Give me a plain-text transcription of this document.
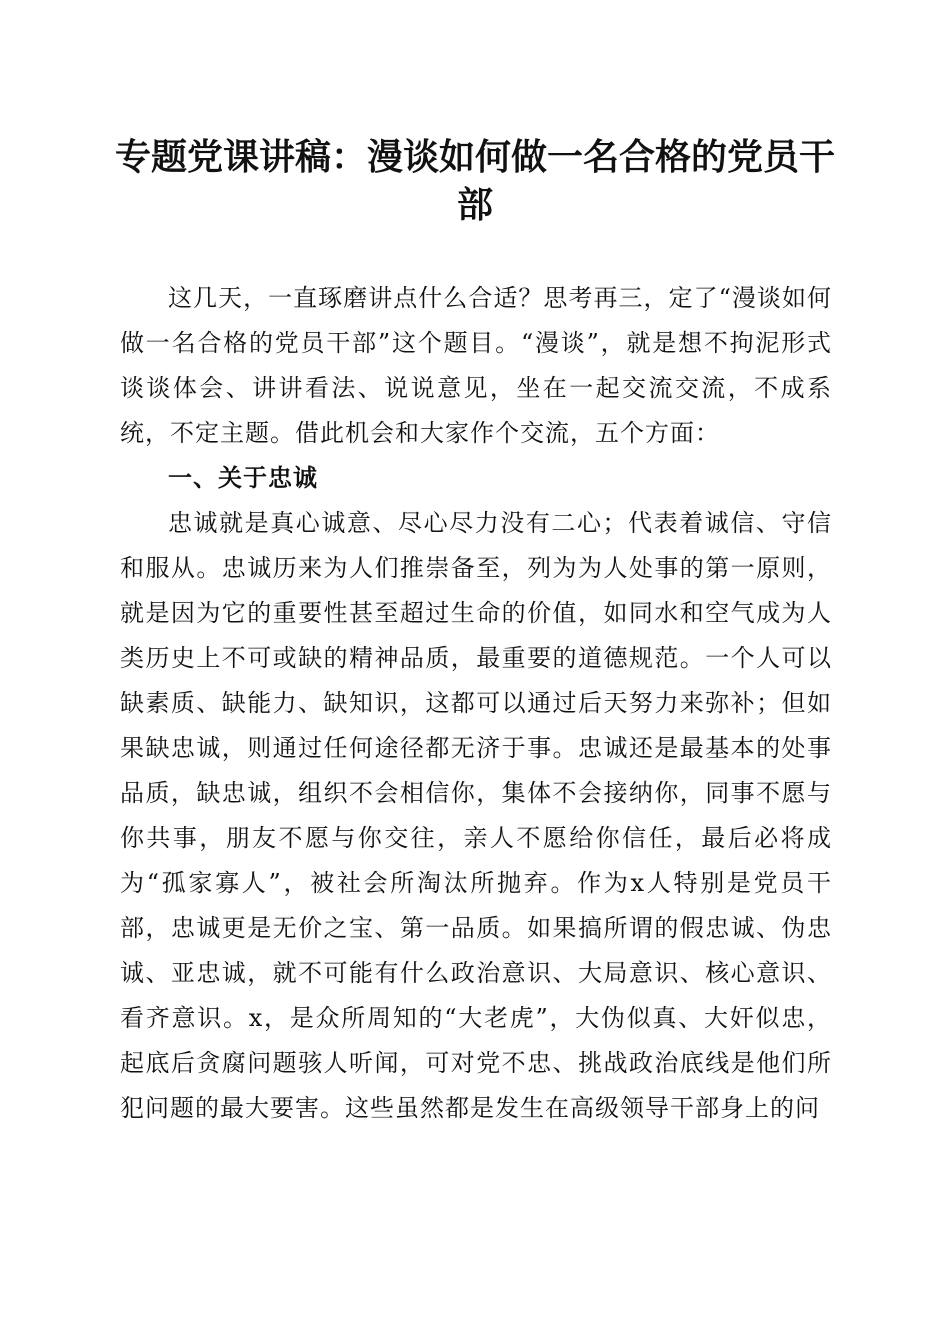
专题党课讲稿：漫谈如何做一名合格的党员干部

这几天，一直琢磨讲点什么合适？思考再三，定了“漫谈如何做一名合格的党员干部”这个题目。“漫谈”，就是想不拘泥形式谈谈体会、讲讲看法、说说意见，坐在一起交流交流，不成系统，不定主题。借此机会和大家作个交流，五个方面：

一、关于忠诚

忠诚就是真心诚意、尽心尽力没有二心；代表着诚信、守信和服从。忠诚历来为人们推崇备至，列为为人处事的第一原则，就是因为它的重要性甚至超过生命的价值，如同水和空气成为人类历史上不可或缺的精神品质，最重要的道德规范。一个人可以缺素质、缺能力、缺知识，这都可以通过后天努力来弥补；但如果缺忠诚，则通过任何途径都无济于事。忠诚还是最基本的处事品质，缺忠诚，组织不会相信你，集体不会接纳你，同事不愿与你共事，朋友不愿与你交往，亲人不愿给你信任，最后必将成为“孤家寡人”，被社会所淘汰所抛弃。作为x人特别是党员干部，忠诚更是无价之宝、第一品质。如果搞所谓的假忠诚、伪忠诚、亚忠诚，就不可能有什么政治意识、大局意识、核心意识、看齐意识。x，是众所周知的“大老虎”，大伪似真、大奸似忠，起底后贪腐问题骇人听闻，可对党不忠、挑战政治底线是他们所犯问题的最大要害。这些虽然都是发生在高级领导干部身上的问
